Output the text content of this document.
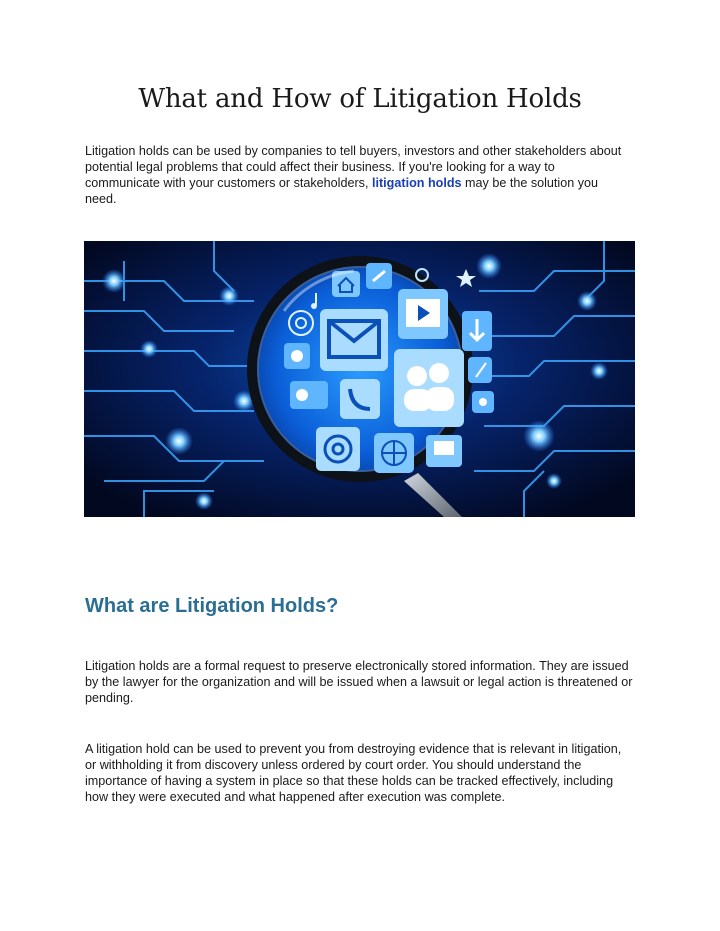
What and How of Litigation Holds

Litigation holds can be used by companies to tell buyers, investors and other stakeholders about potential legal problems that could affect their business. If you're looking for a way to communicate with your customers or stakeholders, litigation holds may be the solution you need.

What are Litigation Holds?

Litigation holds are a formal request to preserve electronically stored information. They are issued by the lawyer for the organization and will be issued when a lawsuit or legal action is threatened or pending.

A litigation hold can be used to prevent you from destroying evidence that is relevant in litigation, or withholding it from discovery unless ordered by court order. You should understand the importance of having a system in place so that these holds can be tracked effectively, including how they were executed and what happened after execution was complete.
